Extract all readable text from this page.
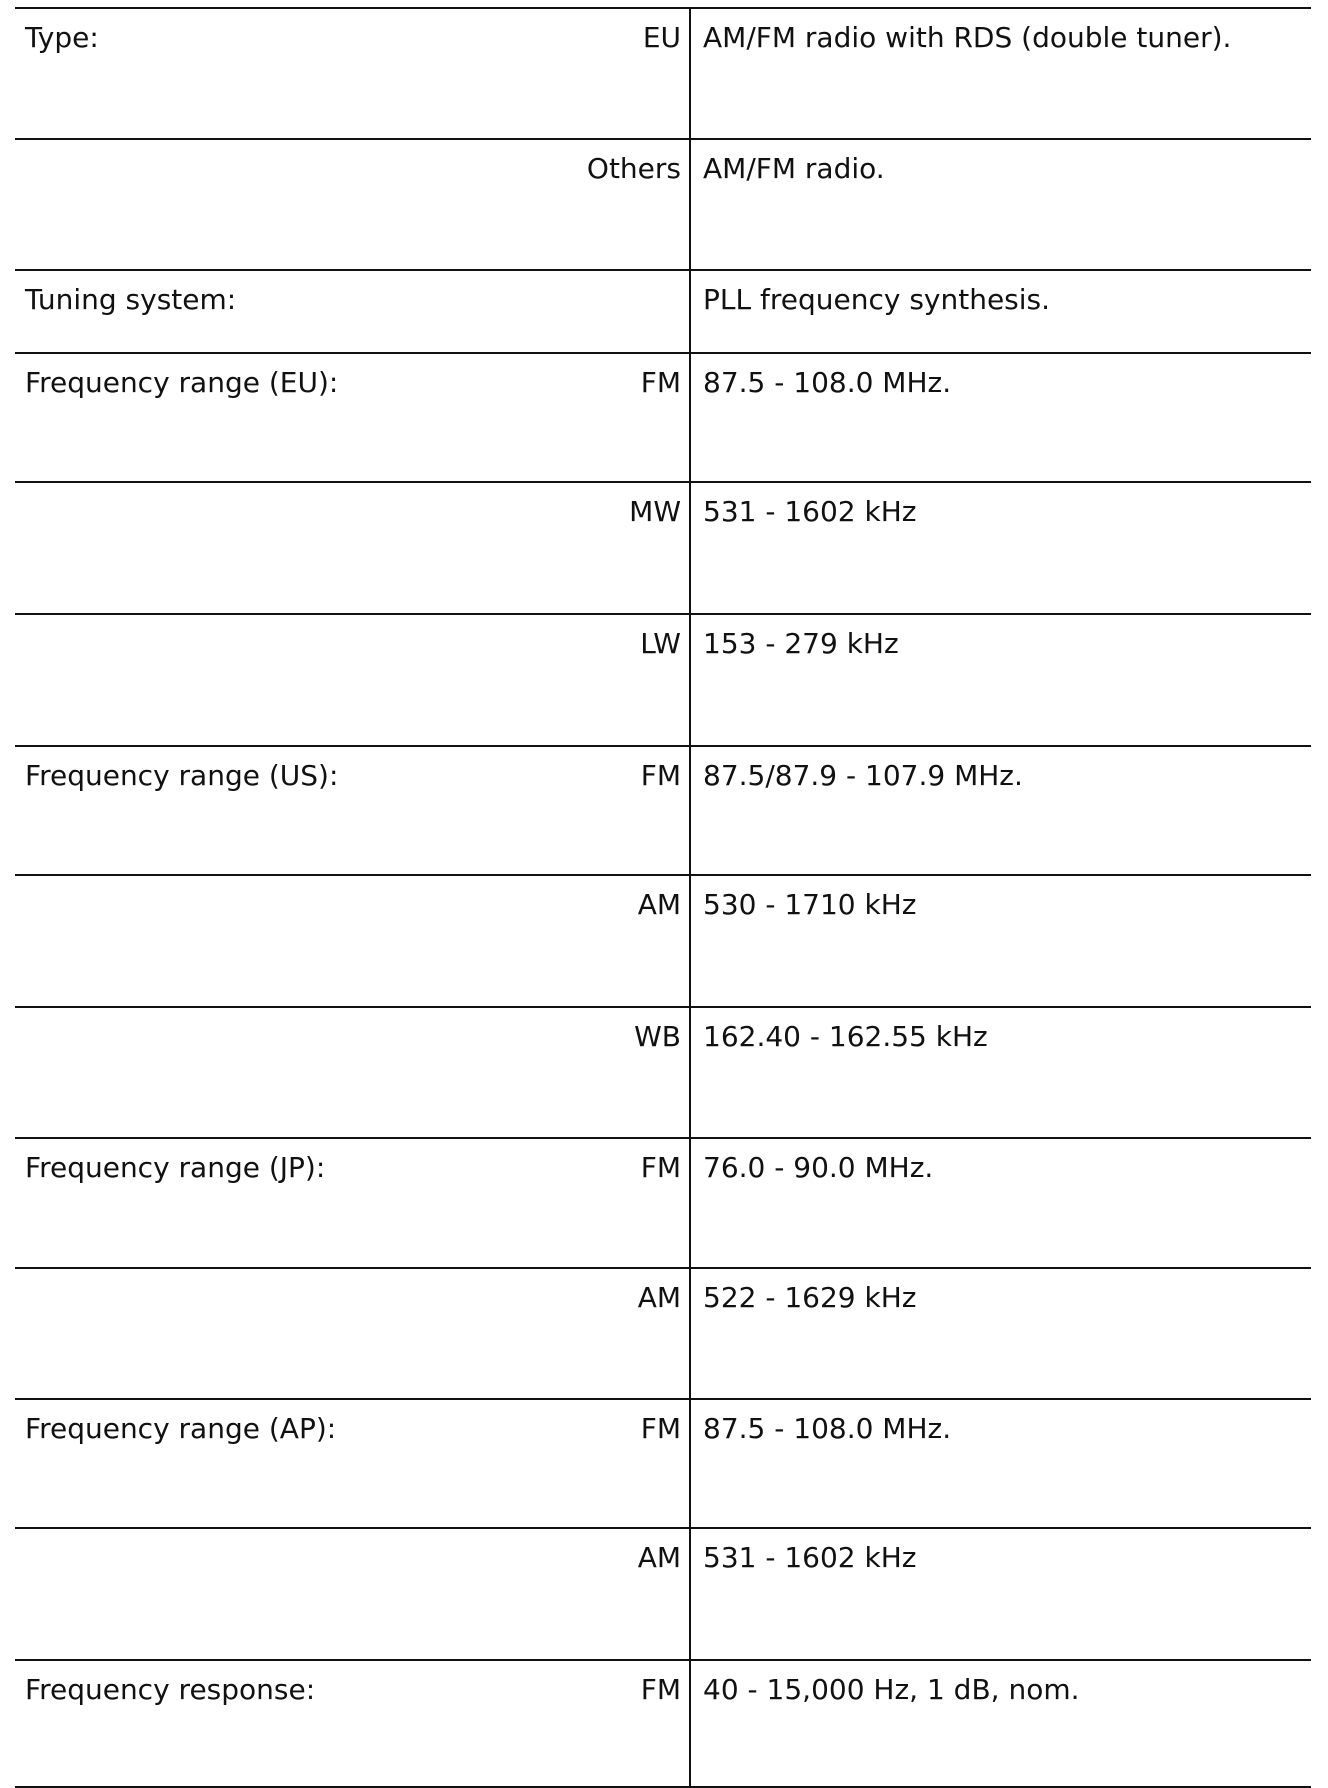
Type:	EU	AM/FM radio with RDS (double tuner).
	Others	AM/FM radio.
Tuning system:		PLL frequency synthesis.
Frequency range (EU):	FM	87.5 - 108.0 MHz.
	MW	531 - 1602 kHz
	LW	153 - 279 kHz
Frequency range (US):	FM	87.5/87.9 - 107.9 MHz.
	AM	530 - 1710 kHz
	WB	162.40 - 162.55 kHz
Frequency range (JP):	FM	76.0 - 90.0 MHz.
	AM	522 - 1629 kHz
Frequency range (AP):	FM	87.5 - 108.0 MHz.
	AM	531 - 1602 kHz
Frequency response:	FM	40 - 15,000 Hz, 1 dB, nom.
